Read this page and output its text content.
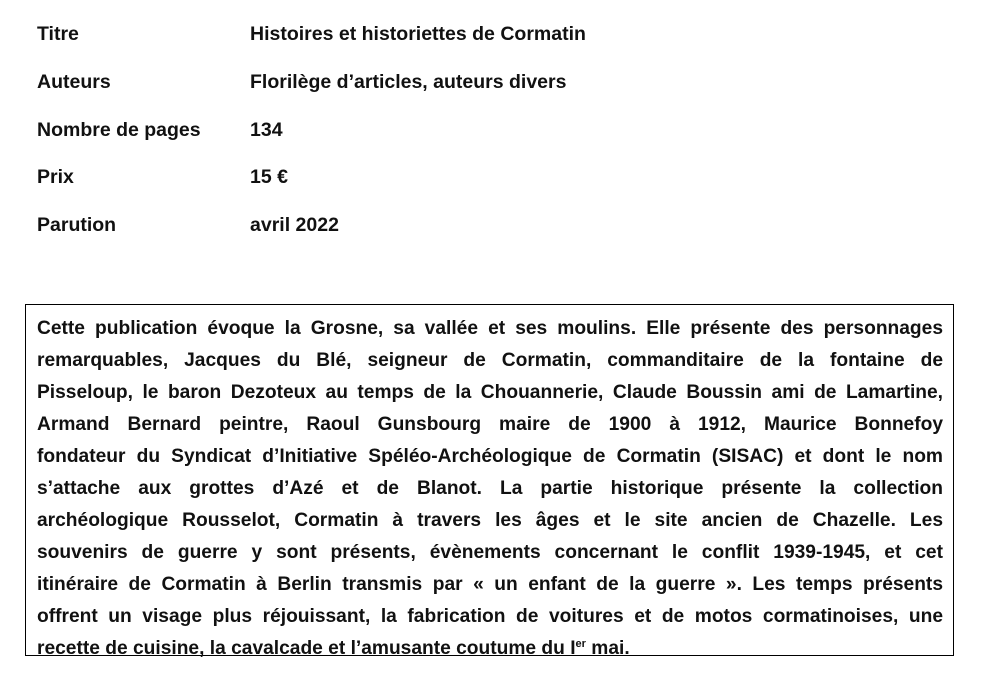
Titre	Histoires et historiettes de Cormatin
Auteurs	Florilège d’articles, auteurs divers
Nombre de pages	134
Prix	15 €
Parution	avril 2022
Cette publication évoque la Grosne, sa vallée et ses moulins. Elle présente des personnages
remarquables, Jacques du Blé, seigneur de Cormatin, commanditaire de la fontaine de
Pisseloup, le baron Dezoteux au temps de la Chouannerie, Claude Boussin ami de Lamartine,
Armand Bernard peintre, Raoul Gunsbourg maire de 1900 à 1912, Maurice Bonnefoy
fondateur du Syndicat d’Initiative Spéléo-Archéologique de Cormatin (SISAC) et dont le nom
s’attache aux grottes d’Azé et de Blanot. La partie historique présente la collection
archéologique Rousselot, Cormatin à travers les âges et le site ancien de Chazelle. Les
souvenirs de guerre y sont présents, évènements concernant le conflit 1939-1945, et cet
itinéraire de Cormatin à Berlin transmis par « un enfant de la guerre ». Les temps présents
offrent un visage plus réjouissant, la fabrication de voitures et de motos cormatinoises, une
recette de cuisine, la cavalcade et l’amusante coutume du Ier mai.
